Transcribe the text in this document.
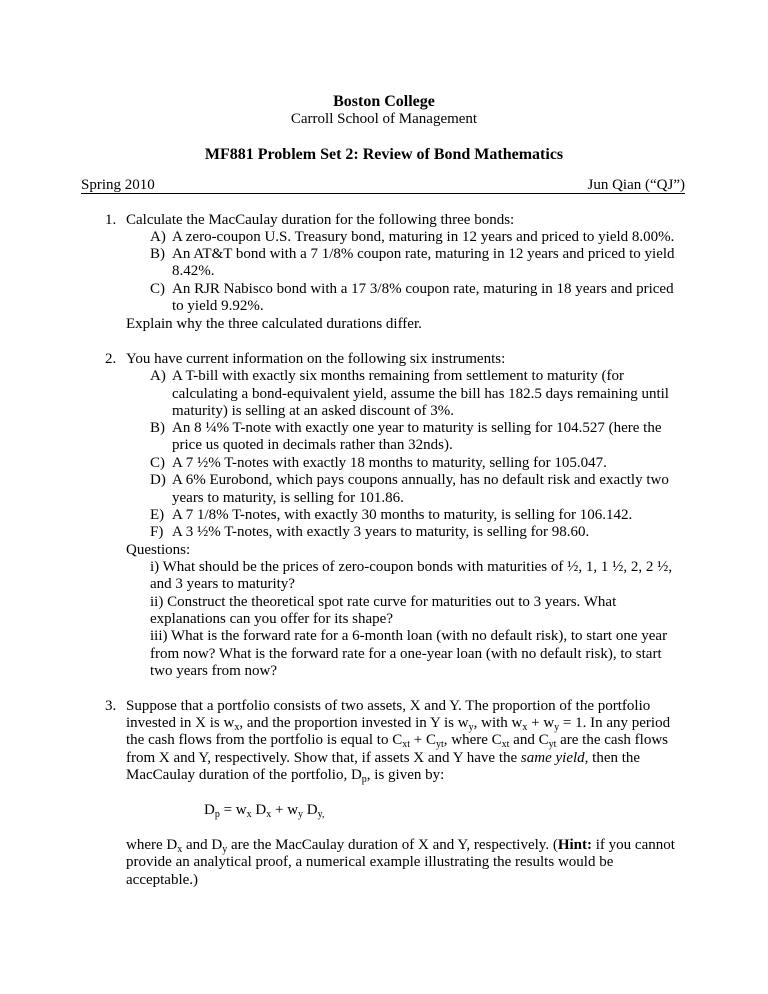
Boston College
Carroll School of Management
MF881 Problem Set 2: Review of Bond Mathematics
Spring 2010	Jun Qian (“QJ”)
1. Calculate the MacCaulay duration for the following three bonds:
A) A zero-coupon U.S. Treasury bond, maturing in 12 years and priced to yield 8.00%.
B) An AT&T bond with a 7 1/8% coupon rate, maturing in 12 years and priced to yield
8.42%.
C) An RJR Nabisco bond with a 17 3/8% coupon rate, maturing in 18 years and priced
to yield 9.92%.
Explain why the three calculated durations differ.
2. You have current information on the following six instruments:
A) A T-bill with exactly six months remaining from settlement to maturity (for
calculating a bond-equivalent yield, assume the bill has 182.5 days remaining until
maturity) is selling at an asked discount of 3%.
B) An 8 ¼% T-note with exactly one year to maturity is selling for 104.527 (here the
price us quoted in decimals rather than 32nds).
C) A 7 ½% T-notes with exactly 18 months to maturity, selling for 105.047.
D) A 6% Eurobond, which pays coupons annually, has no default risk and exactly two
years to maturity, is selling for 101.86.
E) A 7 1/8% T-notes, with exactly 30 months to maturity, is selling for 106.142.
F) A 3 ½% T-notes, with exactly 3 years to maturity, is selling for 98.60.
Questions:
i) What should be the prices of zero-coupon bonds with maturities of ½, 1, 1 ½, 2, 2 ½,
and 3 years to maturity?
ii) Construct the theoretical spot rate curve for maturities out to 3 years. What
explanations can you offer for its shape?
iii) What is the forward rate for a 6-month loan (with no default risk), to start one year
from now? What is the forward rate for a one-year loan (with no default risk), to start
two years from now?
3. Suppose that a portfolio consists of two assets, X and Y. The proportion of the portfolio
invested in X is $w_x$, and the proportion invested in Y is $w_y$, with $w_x + w_y = 1$. In any period
the cash flows from the portfolio is equal to $C_{xt} + C_{yt}$, where $C_{xt}$ and $C_{yt}$ are the cash flows
from X and Y, respectively. Show that, if assets X and Y have the same yield, then the
MacCaulay duration of the portfolio, $D_p$, is given by:
$D_p = w_x$ $D_x + w_y$ $D_{y,}$
where $D_x$ and $D_y$ are the MacCaulay duration of X and Y, respectively. (Hint: if you cannot
provide an analytical proof, a numerical example illustrating the results would be
acceptable.)
